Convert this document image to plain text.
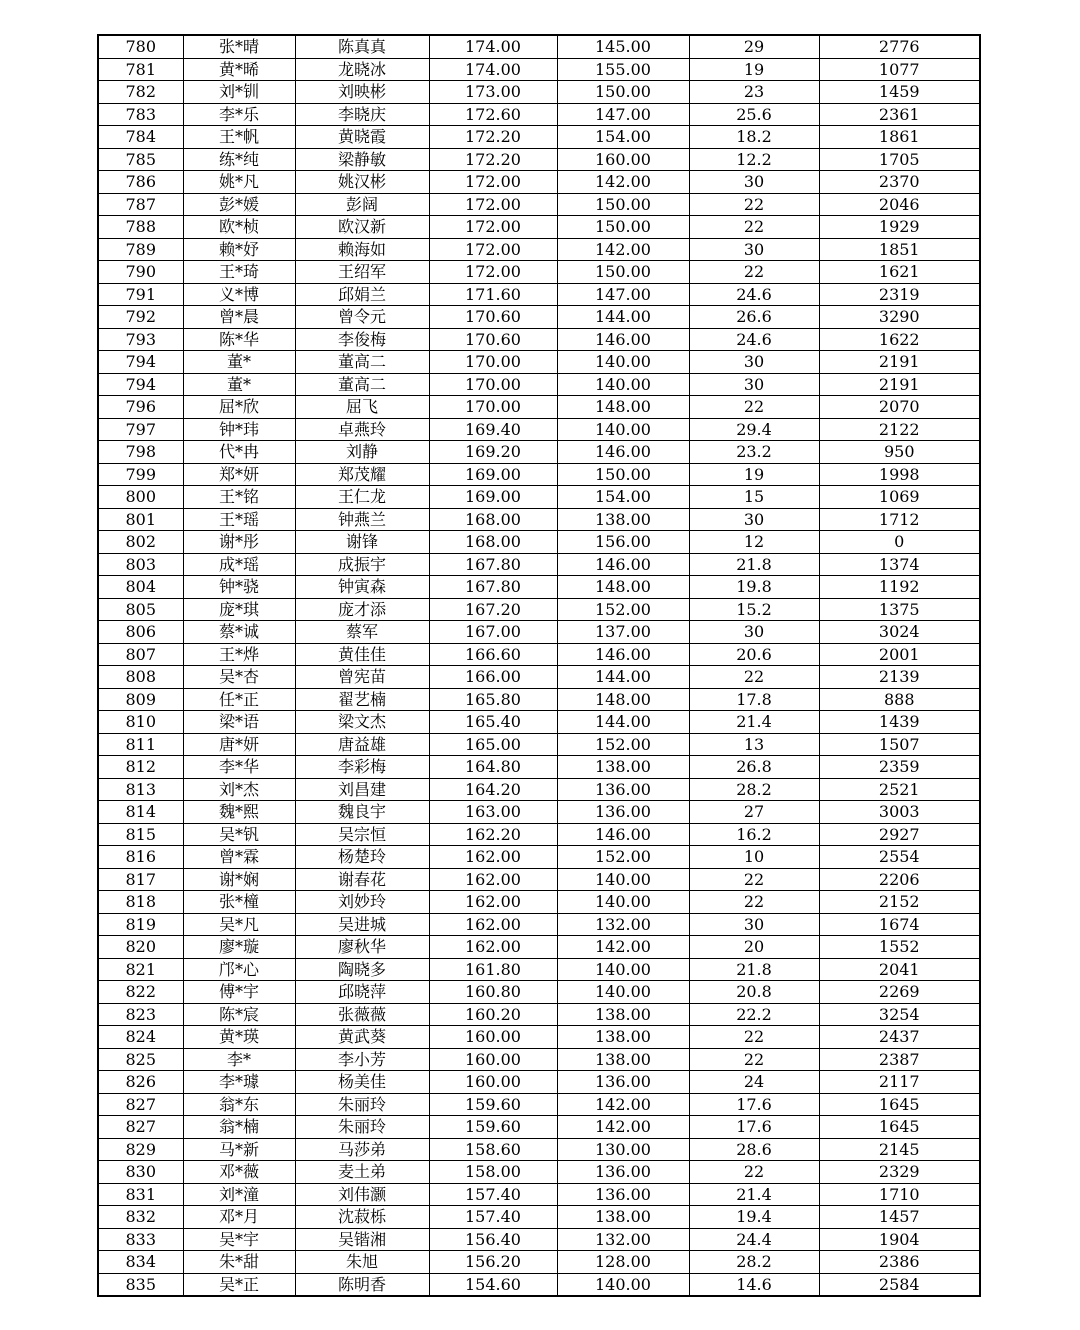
780	张*晴	陈真真	174.00	145.00	29	2776
781	黄*晞	龙晓冰	174.00	155.00	19	1077
782	刘*钏	刘映彬	173.00	150.00	23	1459
783	李*乐	李晓庆	172.60	147.00	25.6	2361
784	王*帆	黄晓霞	172.20	154.00	18.2	1861
785	练*纯	梁静敏	172.20	160.00	12.2	1705
786	姚*凡	姚汉彬	172.00	142.00	30	2370
787	彭*媛	彭阔	172.00	150.00	22	2046
788	欧*桢	欧汉新	172.00	150.00	22	1929
789	赖*妤	赖海如	172.00	142.00	30	1851
790	王*琦	王绍军	172.00	150.00	22	1621
791	义*博	邱娟兰	171.60	147.00	24.6	2319
792	曾*晨	曾令元	170.60	144.00	26.6	3290
793	陈*华	李俊梅	170.60	146.00	24.6	1622
794	董*	董高二	170.00	140.00	30	2191
794	董*	董高二	170.00	140.00	30	2191
796	屈*欣	屈飞	170.00	148.00	22	2070
797	钟*玮	卓燕玲	169.40	140.00	29.4	2122
798	代*冉	刘静	169.20	146.00	23.2	950
799	郑*妍	郑茂耀	169.00	150.00	19	1998
800	王*铭	王仁龙	169.00	154.00	15	1069
801	王*瑶	钟燕兰	168.00	138.00	30	1712
802	谢*彤	谢锋	168.00	156.00	12	0
803	成*瑶	成振宇	167.80	146.00	21.8	1374
804	钟*骁	钟寅森	167.80	148.00	19.8	1192
805	庞*琪	庞才添	167.20	152.00	15.2	1375
806	蔡*诚	蔡军	167.00	137.00	30	3024
807	王*烨	黄佳佳	166.60	146.00	20.6	2001
808	吴*杏	曾宪苗	166.00	144.00	22	2139
809	任*正	翟艺楠	165.80	148.00	17.8	888
810	梁*语	梁文杰	165.40	144.00	21.4	1439
811	唐*妍	唐益雄	165.00	152.00	13	1507
812	李*华	李彩梅	164.80	138.00	26.8	2359
813	刘*杰	刘昌建	164.20	136.00	28.2	2521
814	魏*熙	魏良宇	163.00	136.00	27	3003
815	吴*钒	吴宗恒	162.20	146.00	16.2	2927
816	曾*霖	杨楚玲	162.00	152.00	10	2554
817	谢*娴	谢春花	162.00	140.00	22	2206
818	张*橦	刘妙玲	162.00	140.00	22	2152
819	吴*凡	吴进城	162.00	132.00	30	1674
820	廖*璇	廖秋华	162.00	142.00	20	1552
821	邝*心	陶晓多	161.80	140.00	21.8	2041
822	傅*宇	邱晓萍	160.80	140.00	20.8	2269
823	陈*宸	张薇薇	160.20	138.00	22.2	3254
824	黄*瑛	黄武葵	160.00	138.00	22	2437
825	李*	李小芳	160.00	138.00	22	2387
826	李*璩	杨美佳	160.00	136.00	24	2117
827	翁*东	朱丽玲	159.60	142.00	17.6	1645
827	翁*楠	朱丽玲	159.60	142.00	17.6	1645
829	马*新	马莎弟	158.60	130.00	28.6	2145
830	邓*薇	麦土弟	158.00	136.00	22	2329
831	刘*潼	刘伟灏	157.40	136.00	21.4	1710
832	邓*月	沈菽栎	157.40	138.00	19.4	1457
833	吴*宇	吴锴湘	156.40	132.00	24.4	1904
834	朱*甜	朱旭	156.20	128.00	28.2	2386
835	吴*正	陈明香	154.60	140.00	14.6	2584
